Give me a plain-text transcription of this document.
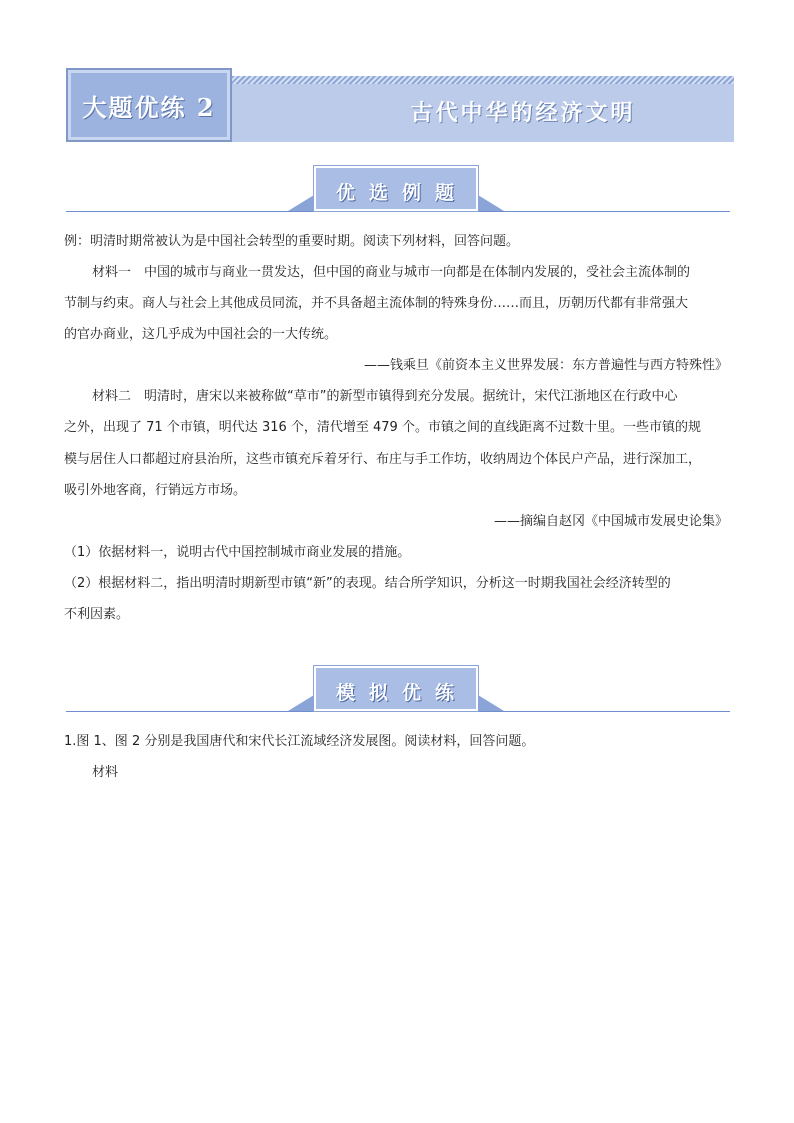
大题优练 2	古代中华的经济文明
优选例题
例：明清时期常被认为是中国社会转型的重要时期。阅读下列材料，回答问题。
材料一　中国的城市与商业一贯发达，但中国的商业与城市一向都是在体制内发展的，受社会主流体制的
节制与约束。商人与社会上其他成员同流，并不具备超主流体制的特殊身份……而且，历朝历代都有非常强大
的官办商业，这几乎成为中国社会的一大传统。
——钱乘旦《前资本主义世界发展：东方普遍性与西方特殊性》
材料二　明清时，唐宋以来被称做“草市”的新型市镇得到充分发展。据统计，宋代江浙地区在行政中心
之外，出现了 71 个市镇，明代达 316 个，清代增至 479 个。市镇之间的直线距离不过数十里。一些市镇的规
模与居住人口都超过府县治所，这些市镇充斥着牙行、布庄与手工作坊，收纳周边个体民户产品，进行深加工，
吸引外地客商，行销远方市场。
——摘编自赵冈《中国城市发展史论集》
（1）依据材料一，说明古代中国控制城市商业发展的措施。
（2）根据材料二，指出明清时期新型市镇“新”的表现。结合所学知识，分析这一时期我国社会经济转型的
不利因素。
模拟优练
1.图 1、图 2 分别是我国唐代和宋代长江流域经济发展图。阅读材料，回答问题。
材料
